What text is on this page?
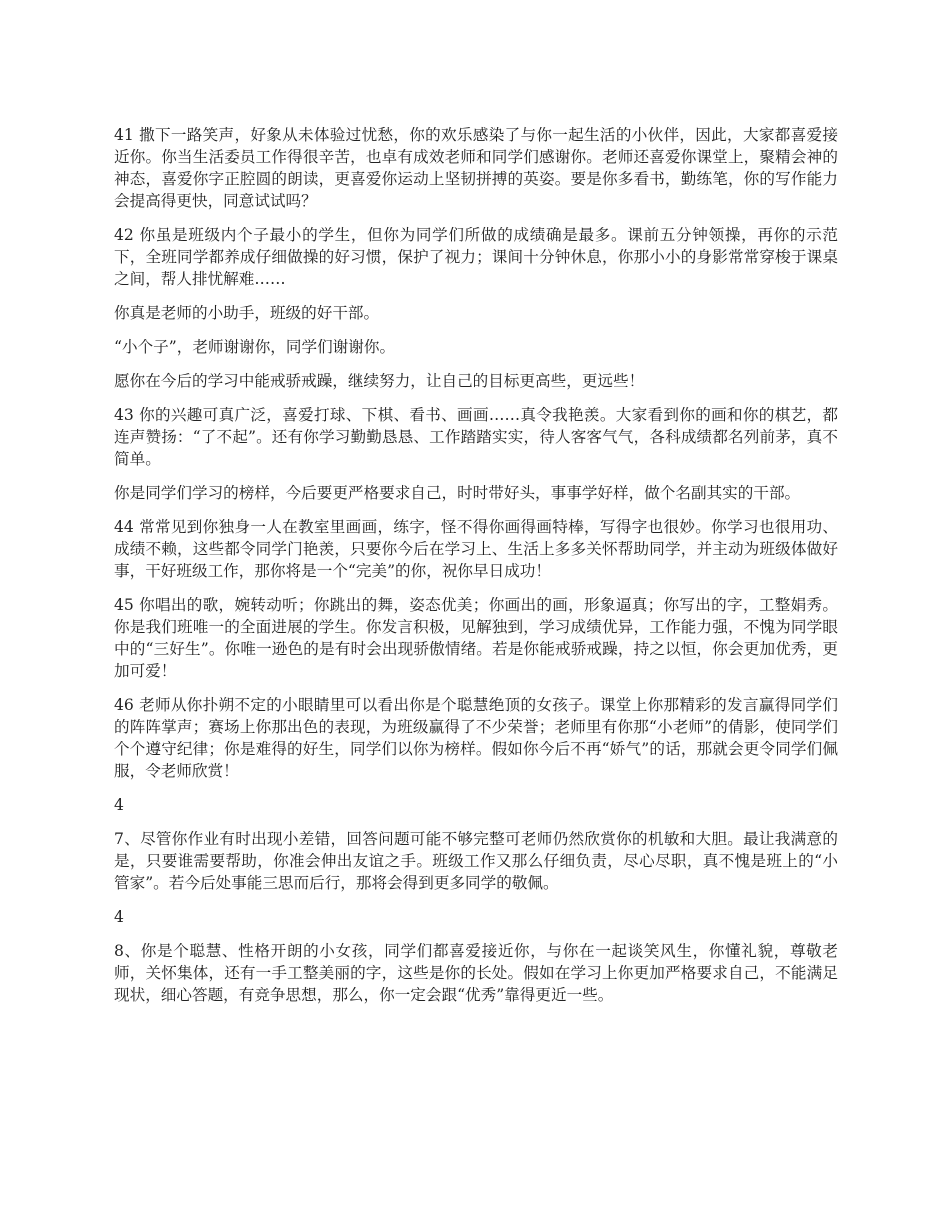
41 撒下一路笑声，好象从未体验过忧愁，你的欢乐感染了与你一起生活的小伙伴，因此，大家都喜爱接近你。你当生活委员工作得很辛苦，也卓有成效老师和同学们感谢你。老师还喜爱你课堂上，聚精会神的神态，喜爱你字正腔圆的朗读，更喜爱你运动上坚韧拼搏的英姿。要是你多看书，勤练笔，你的写作能力会提高得更快，同意试试吗？

42 你虽是班级内个子最小的学生，但你为同学们所做的成绩确是最多。课前五分钟领操，再你的示范下，全班同学都养成仔细做操的好习惯，保护了视力；课间十分钟休息，你那小小的身影常常穿梭于课桌之间，帮人排忧解难……

你真是老师的小助手，班级的好干部。

“小个子”，老师谢谢你，同学们谢谢你。

愿你在今后的学习中能戒骄戒躁，继续努力，让自己的目标更高些，更远些！

43 你的兴趣可真广泛，喜爱打球、下棋、看书、画画……真令我艳羡。大家看到你的画和你的棋艺，都连声赞扬：“了不起”。还有你学习勤勤恳恳、工作踏踏实实，待人客客气气，各科成绩都名列前茅，真不简单。

你是同学们学习的榜样，今后要更严格要求自己，时时带好头，事事学好样，做个名副其实的干部。

44 常常见到你独身一人在教室里画画，练字，怪不得你画得画特棒，写得字也很妙。你学习也很用功、成绩不赖，这些都令同学门艳羡，只要你今后在学习上、生活上多多关怀帮助同学，并主动为班级体做好事，干好班级工作，那你将是一个“完美”的你，祝你早日成功！

45 你唱出的歌，婉转动听；你跳出的舞，姿态优美；你画出的画，形象逼真；你写出的字，工整娟秀。你是我们班唯一的全面进展的学生。你发言积极，见解独到，学习成绩优异，工作能力强，不愧为同学眼中的“三好生”。你唯一逊色的是有时会出现骄傲情绪。若是你能戒骄戒躁，持之以恒，你会更加优秀，更加可爱！

46 老师从你扑朔不定的小眼睛里可以看出你是个聪慧绝顶的女孩子。课堂上你那精彩的发言赢得同学们的阵阵掌声；赛场上你那出色的表现，为班级赢得了不少荣誉；老师里有你那“小老师”的倩影，使同学们个个遵守纪律；你是难得的好生，同学们以你为榜样。假如你今后不再“娇气”的话，那就会更令同学们佩服，令老师欣赏！

4

7、尽管你作业有时出现小差错，回答问题可能不够完整可老师仍然欣赏你的机敏和大胆。最让我满意的是，只要谁需要帮助，你准会伸出友谊之手。班级工作又那么仔细负责，尽心尽职，真不愧是班上的“小管家”。若今后处事能三思而后行，那将会得到更多同学的敬佩。

4

8、你是个聪慧、性格开朗的小女孩，同学们都喜爱接近你，与你在一起谈笑风生，你懂礼貌，尊敬老师，关怀集体，还有一手工整美丽的字，这些是你的长处。假如在学习上你更加严格要求自己，不能满足现状，细心答题，有竞争思想，那么，你一定会跟“优秀”靠得更近一些。
